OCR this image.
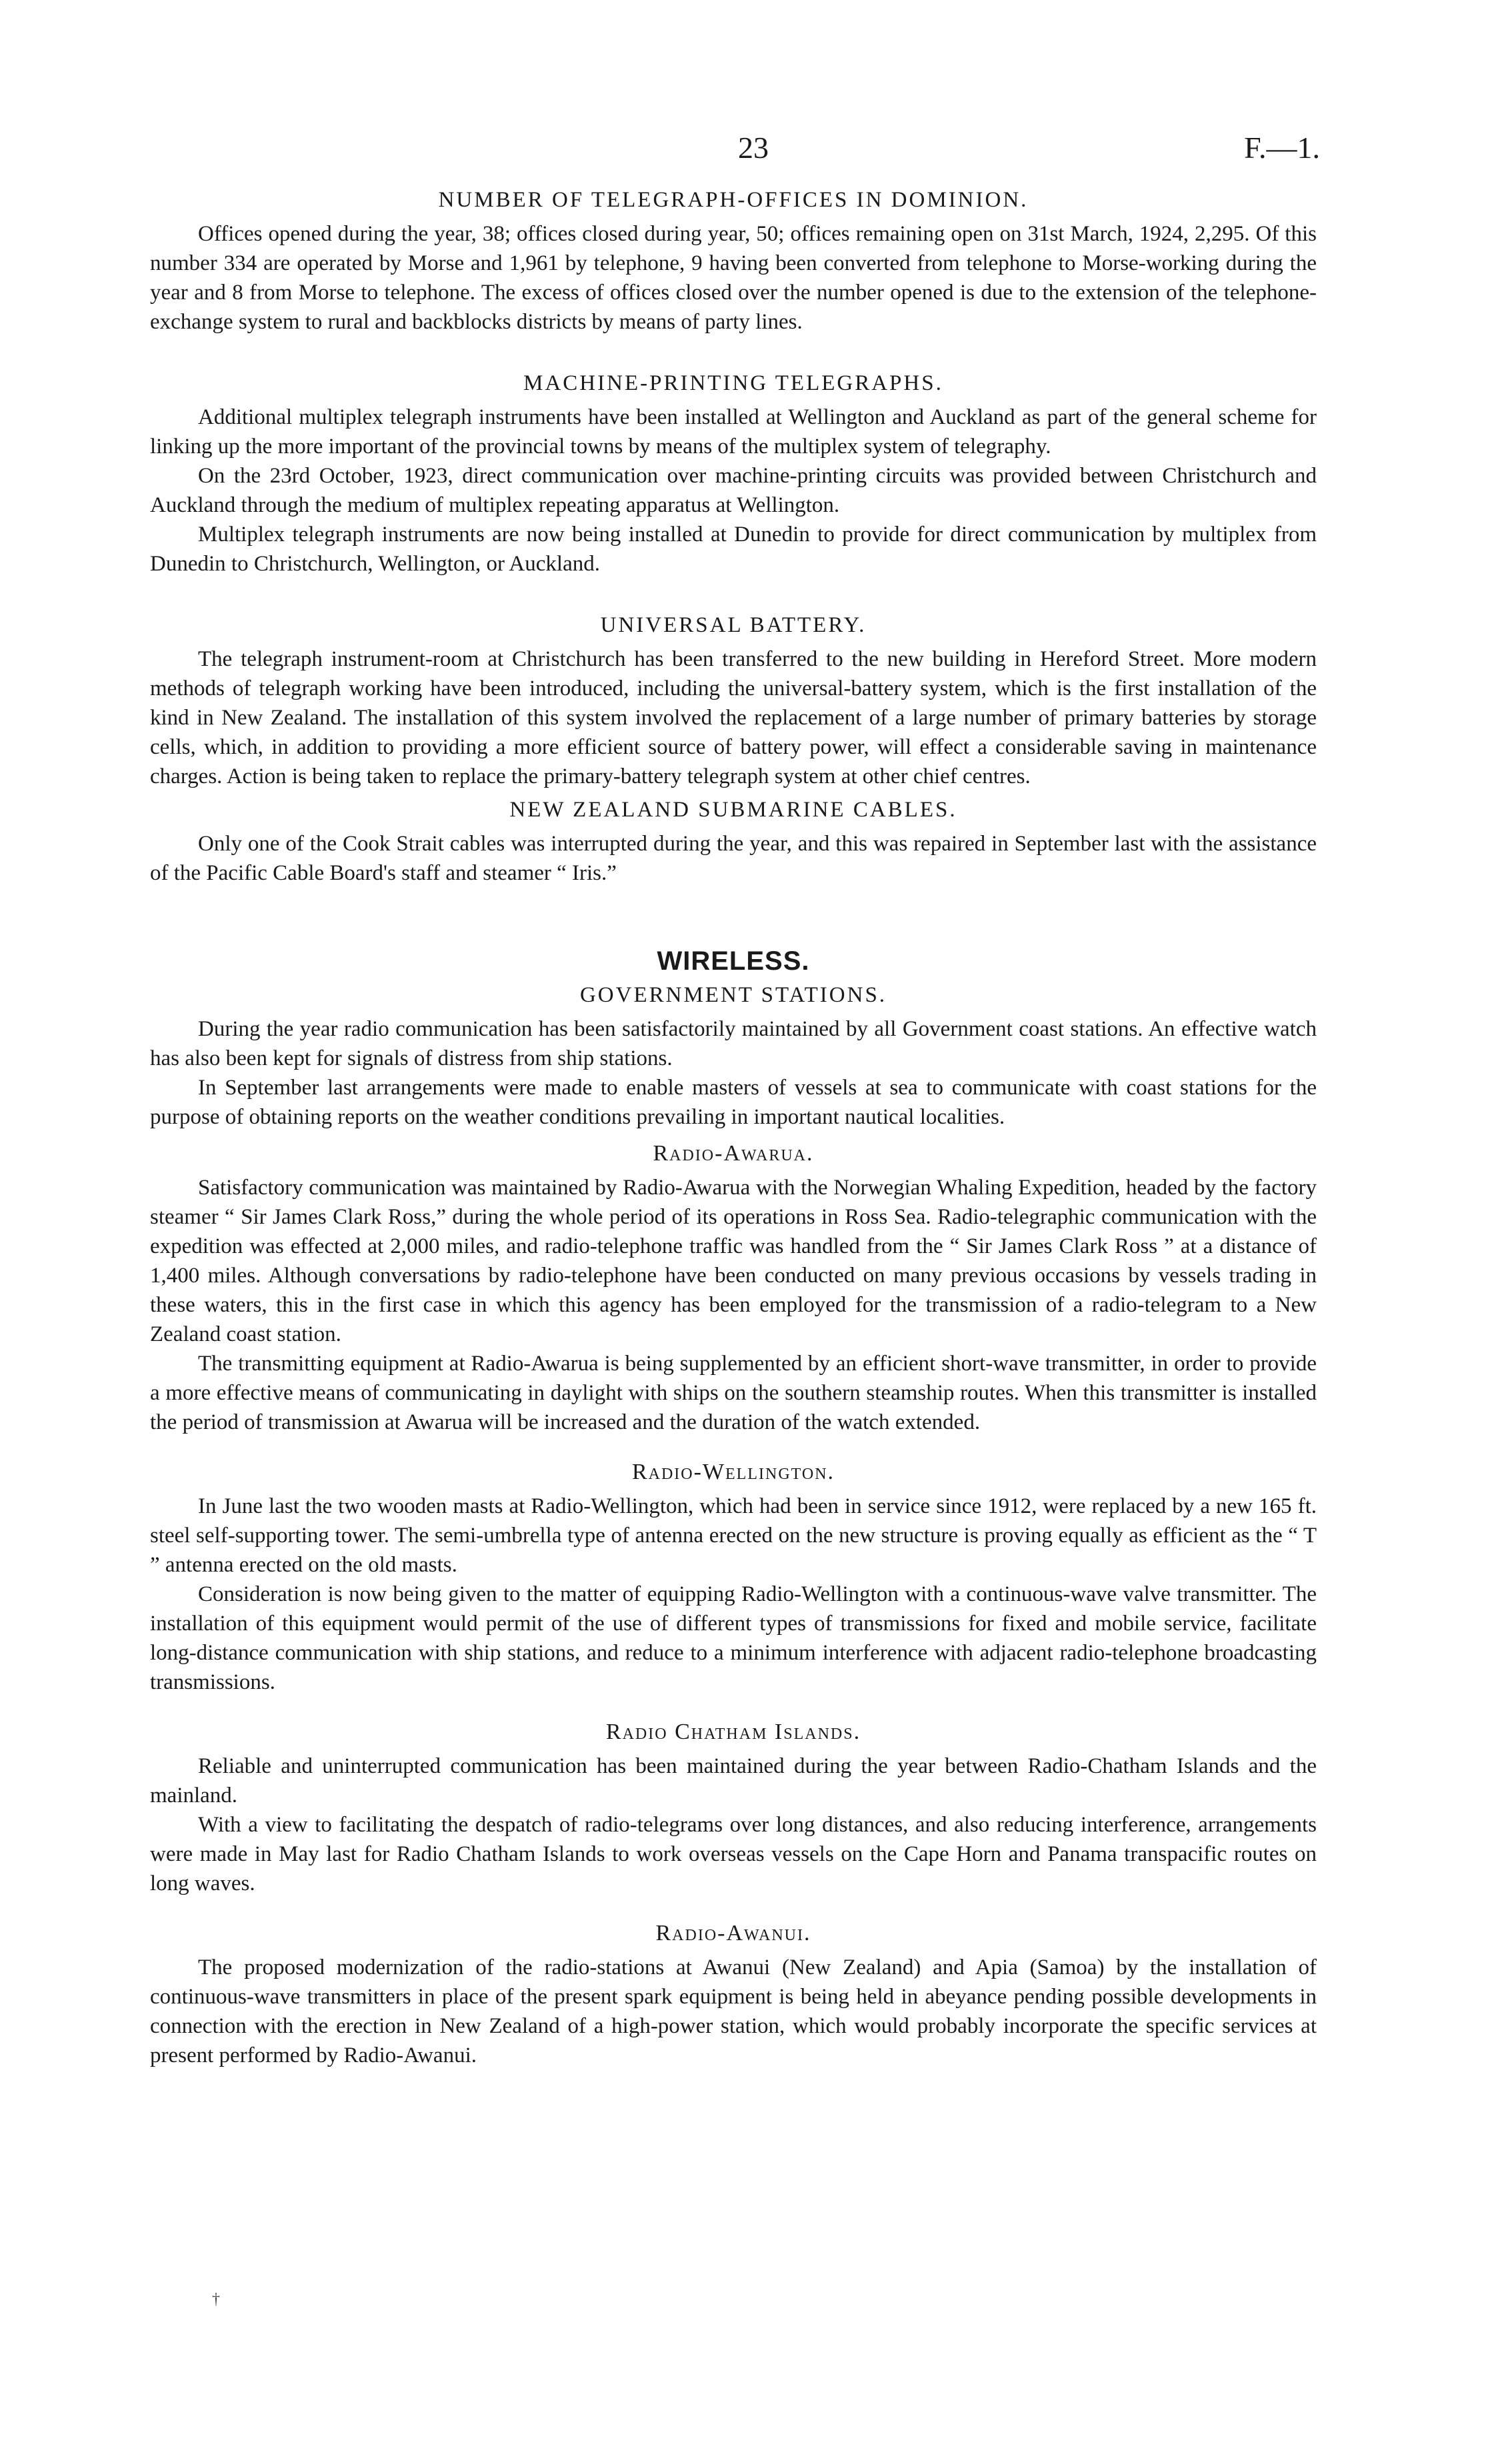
23	F.—1.
NUMBER OF TELEGRAPH-OFFICES IN DOMINION.

Offices opened during the year, 38; offices closed during year, 50; offices remaining open on 31st March, 1924, 2,295. Of this number 334 are operated by Morse and 1,961 by telephone, 9 having been converted from telephone to Morse-working during the year and 8 from Morse to telephone. The excess of offices closed over the number opened is due to the extension of the telephone-exchange system to rural and backblocks districts by means of party lines.

MACHINE-PRINTING TELEGRAPHS.

Additional multiplex telegraph instruments have been installed at Wellington and Auckland as part of the general scheme for linking up the more important of the provincial towns by means of the multiplex system of telegraphy.

On the 23rd October, 1923, direct communication over machine-printing circuits was provided between Christchurch and Auckland through the medium of multiplex repeating apparatus at Wellington.

Multiplex telegraph instruments are now being installed at Dunedin to provide for direct communication by multiplex from Dunedin to Christchurch, Wellington, or Auckland.

UNIVERSAL BATTERY.

The telegraph instrument-room at Christchurch has been transferred to the new building in Hereford Street. More modern methods of telegraph working have been introduced, including the universal-battery system, which is the first installation of the kind in New Zealand. The installation of this system involved the replacement of a large number of primary batteries by storage cells, which, in addition to providing a more efficient source of battery power, will effect a considerable saving in maintenance charges. Action is being taken to replace the primary-battery telegraph system at other chief centres.

NEW ZEALAND SUBMARINE CABLES.

Only one of the Cook Strait cables was interrupted during the year, and this was repaired in September last with the assistance of the Pacific Cable Board's staff and steamer “ Iris.”

WIRELESS.
GOVERNMENT STATIONS.

During the year radio communication has been satisfactorily maintained by all Government coast stations. An effective watch has also been kept for signals of distress from ship stations.

In September last arrangements were made to enable masters of vessels at sea to communicate with coast stations for the purpose of obtaining reports on the weather conditions prevailing in important nautical localities.

Radio-Awarua.

Satisfactory communication was maintained by Radio-Awarua with the Norwegian Whaling Expedition, headed by the factory steamer “ Sir James Clark Ross,” during the whole period of its operations in Ross Sea. Radio-telegraphic communication with the expedition was effected at 2,000 miles, and radio-telephone traffic was handled from the “ Sir James Clark Ross ” at a distance of 1,400 miles. Although conversations by radio-telephone have been conducted on many previous occasions by vessels trading in these waters, this in the first case in which this agency has been employed for the transmission of a radio-telegram to a New Zealand coast station.

The transmitting equipment at Radio-Awarua is being supplemented by an efficient short-wave transmitter, in order to provide a more effective means of communicating in daylight with ships on the southern steamship routes. When this transmitter is installed the period of transmission at Awarua will be increased and the duration of the watch extended.

Radio-Wellington.

In June last the two wooden masts at Radio-Wellington, which had been in service since 1912, were replaced by a new 165 ft. steel self-supporting tower. The semi-umbrella type of antenna erected on the new structure is proving equally as efficient as the “ T ” antenna erected on the old masts.

Consideration is now being given to the matter of equipping Radio-Wellington with a continuous-wave valve transmitter. The installation of this equipment would permit of the use of different types of transmissions for fixed and mobile service, facilitate long-distance communication with ship stations, and reduce to a minimum interference with adjacent radio-telephone broadcasting transmissions.

Radio Chatham Islands.

Reliable and uninterrupted communication has been maintained during the year between Radio-Chatham Islands and the mainland.

With a view to facilitating the despatch of radio-telegrams over long distances, and also reducing interference, arrangements were made in May last for Radio Chatham Islands to work overseas vessels on the Cape Horn and Panama transpacific routes on long waves.

Radio-Awanui.

The proposed modernization of the radio-stations at Awanui (New Zealand) and Apia (Samoa) by the installation of continuous-wave transmitters in place of the present spark equipment is being held in abeyance pending possible developments in connection with the erection in New Zealand of a high-power station, which would probably incorporate the specific services at present performed by Radio-Awanui.

†
